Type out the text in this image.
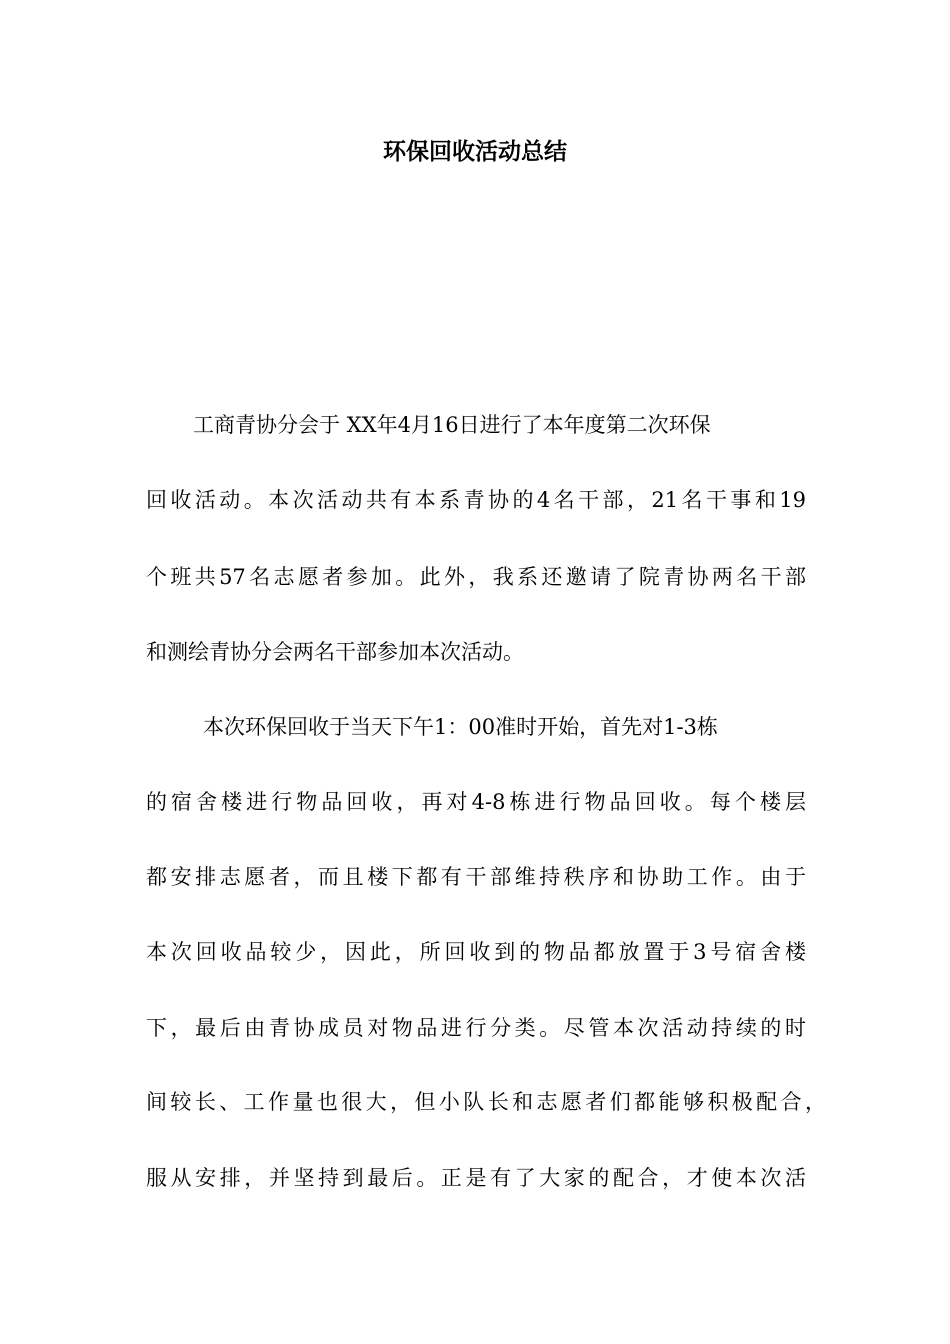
环保回收活动总结

工商青协分会于 XX年4月16日进行了本年度第二次环保

回收活动。本次活动共有本系青协的4名干部，21名干事和19

个班共57名志愿者参加。此外，我系还邀请了院青协两名干部

和测绘青协分会两名干部参加本次活动。

本次环保回收于当天下午1：00准时开始，首先对1-3栋

的宿舍楼进行物品回收，再对4-8栋进行物品回收。每个楼层

都安排志愿者，而且楼下都有干部维持秩序和协助工作。由于

本次回收品较少，因此，所回收到的物品都放置于3号宿舍楼

下，最后由青协成员对物品进行分类。尽管本次活动持续的时

间较长、工作量也很大，但小队长和志愿者们都能够积极配合，

服从安排，并坚持到最后。正是有了大家的配合，才使本次活
